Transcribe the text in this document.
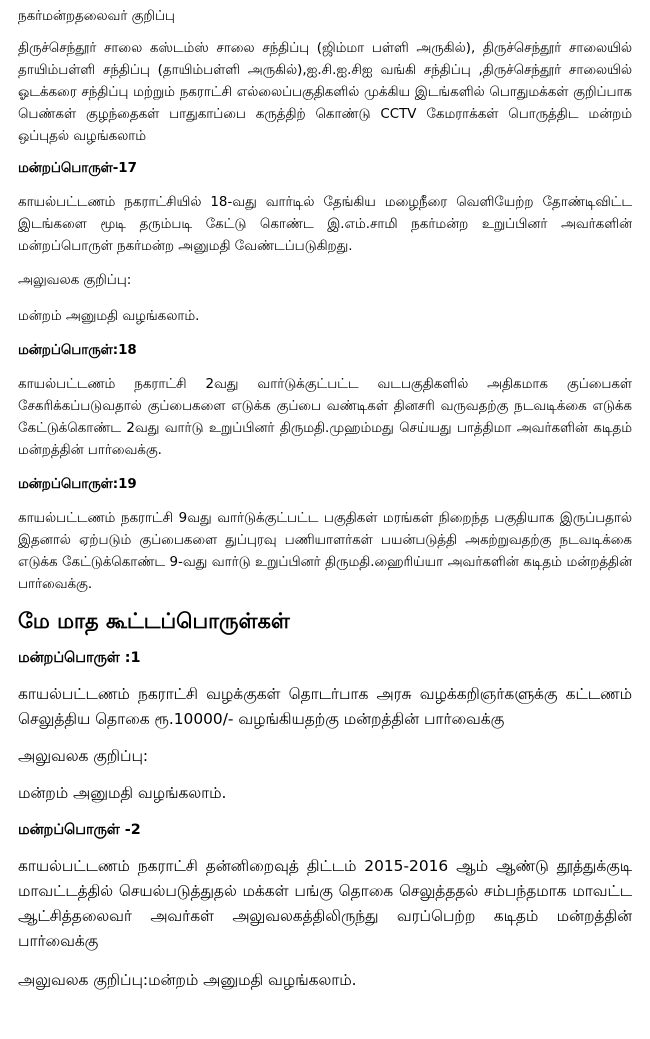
நகர்மன்றதலைவர் குறிப்பு

திருச்செந்தூர் சாலை கஸ்டம்ஸ் சாலை சந்திப்பு (ஜிம்மா பள்ளி அருகில்), திருச்செந்தூர் சாலையில் தாயிம்பள்ளி சந்திப்பு (தாயிம்பள்ளி அருகில்),ஐ.சி.ஐ.சிஐ வங்கி சந்திப்பு ,திருச்செந்தூர் சாலையில் ஓடக்கரை சந்திப்பு மற்றும் நகராட்சி எல்லைப்பகுதிகளில் முக்கிய இடங்களில் பொதுமக்கள் குறிப்பாக பெண்கள் குழந்தைகள் பாதுகாப்பை கருத்திற் கொண்டு CCTV கேமராக்கள் பொருத்திட மன்றம் ஒப்புதல் வழங்கலாம்

மன்றப்பொருள்-17

காயல்பட்டணம் நகராட்சியில் 18-வது வார்டில் தேங்கிய மழைநீரை வெளியேற்ற தோண்டிவிட்ட இடங்களை மூடி தரும்படி கேட்டு கொண்ட இ.எம்.சாமி நகர்மன்ற உறுப்பினர் அவர்களின் மன்றப்பொருள் நகர்மன்ற அனுமதி வேண்டப்படுகிறது.

அலுவலக குறிப்பு:

மன்றம் அனுமதி வழங்கலாம்.

மன்றப்பொருள்:18

காயல்பட்டணம் நகராட்சி 2வது வார்டுக்குட்பட்ட வடபகுதிகளில் அதிகமாக குப்பைகள் சேகரிக்கப்படுவதால் குப்பைகளை எடுக்க குப்பை வண்டிகள் தினசரி வருவதற்கு நடவடிக்கை எடுக்க கேட்டுக்கொண்ட 2வது வார்டு உறுப்பினர் திருமதி.முஹம்மது செய்யது பாத்திமா அவர்களின் கடிதம் மன்றத்தின் பார்வைக்கு.

மன்றப்பொருள்:19

காயல்பட்டணம் நகராட்சி 9வது வார்டுக்குட்பட்ட பகுதிகள் மரங்கள் நிறைந்த பகுதியாக இருப்பதால் இதனால் ஏற்படும் குப்பைகளை துப்புரவு பணியாளர்கள் பயன்படுத்தி அகற்றுவதற்கு நடவடிக்கை எடுக்க கேட்டுக்கொண்ட 9-வது வார்டு உறுப்பினர் திருமதி.ஹைரிய்யா அவர்களின் கடிதம் மன்றத்தின் பார்வைக்கு.

மே மாத கூட்டப்பொருள்கள்

மன்றப்பொருள் :1

காயல்பட்டணம் நகராட்சி வழக்குகள் தொடர்பாக அரசு வழக்கறிஞர்களுக்கு கட்டணம் செலுத்திய தொகை ரூ.10000/- வழங்கியதற்கு மன்றத்தின் பார்வைக்கு

அலுவலக குறிப்பு:

மன்றம் அனுமதி வழங்கலாம்.

மன்றப்பொருள் -2

காயல்பட்டணம் நகராட்சி தன்னிறைவுத் திட்டம் 2015-2016 ஆம் ஆண்டு தூத்துக்குடி மாவட்டத்தில் செயல்படுத்துதல் மக்கள் பங்கு தொகை செலுத்ததல் சம்பந்தமாக மாவட்ட ஆட்சித்தலைவர் அவர்கள் அலுவலகத்திலிருந்து வரப்பெற்ற கடிதம் மன்றத்தின் பார்வைக்கு

அலுவலக குறிப்பு:மன்றம் அனுமதி வழங்கலாம்.
